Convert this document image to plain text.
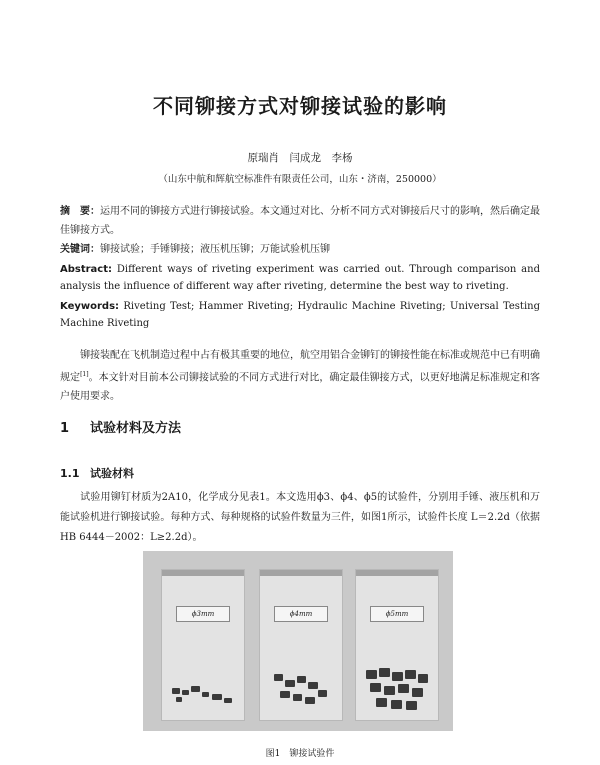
不同铆接方式对铆接试验的影响
原瑞肖　闫成龙　李杨
（山东中航和辉航空标准件有限责任公司，山东・济南，250000）
摘　要：运用不同的铆接方式进行铆接试验。本文通过对比、分析不同方式对铆接后尺寸的影响，然后确定最佳铆接方式。
关键词：铆接试验；手锤铆接；液压机压铆；万能试验机压铆
Abstract: Different ways of riveting experiment was carried out. Through comparison and analysis the influence of different way after riveting, determine the best way to riveting.
Keywords: Riveting Test; Hammer Riveting; Hydraulic Machine Riveting; Universal Testing Machine Riveting
铆接装配在飞机制造过程中占有极其重要的地位，航空用铝合金铆钉的铆接性能在标准或规范中已有明确规定[1]。本文针对目前本公司铆接试验的不同方式进行对比，确定最佳铆接方式，以更好地满足标准规定和客户使用要求。
1 试验材料及方法
1.1 试验材料
试验用铆钉材质为2A10，化学成分见表1。本文选用ϕ3、ϕ4、ϕ5的试验件，分别用手锤、液压机和万能试验机进行铆接试验。每种方式、每种规格的试验件数量为三件，如图1所示，试验件长度 L＝2.2d（依据 HB 6444－2002：L≥2.2d）。
ϕ3mm	ϕ4mm	ϕ5mm
图1　铆接试验件
